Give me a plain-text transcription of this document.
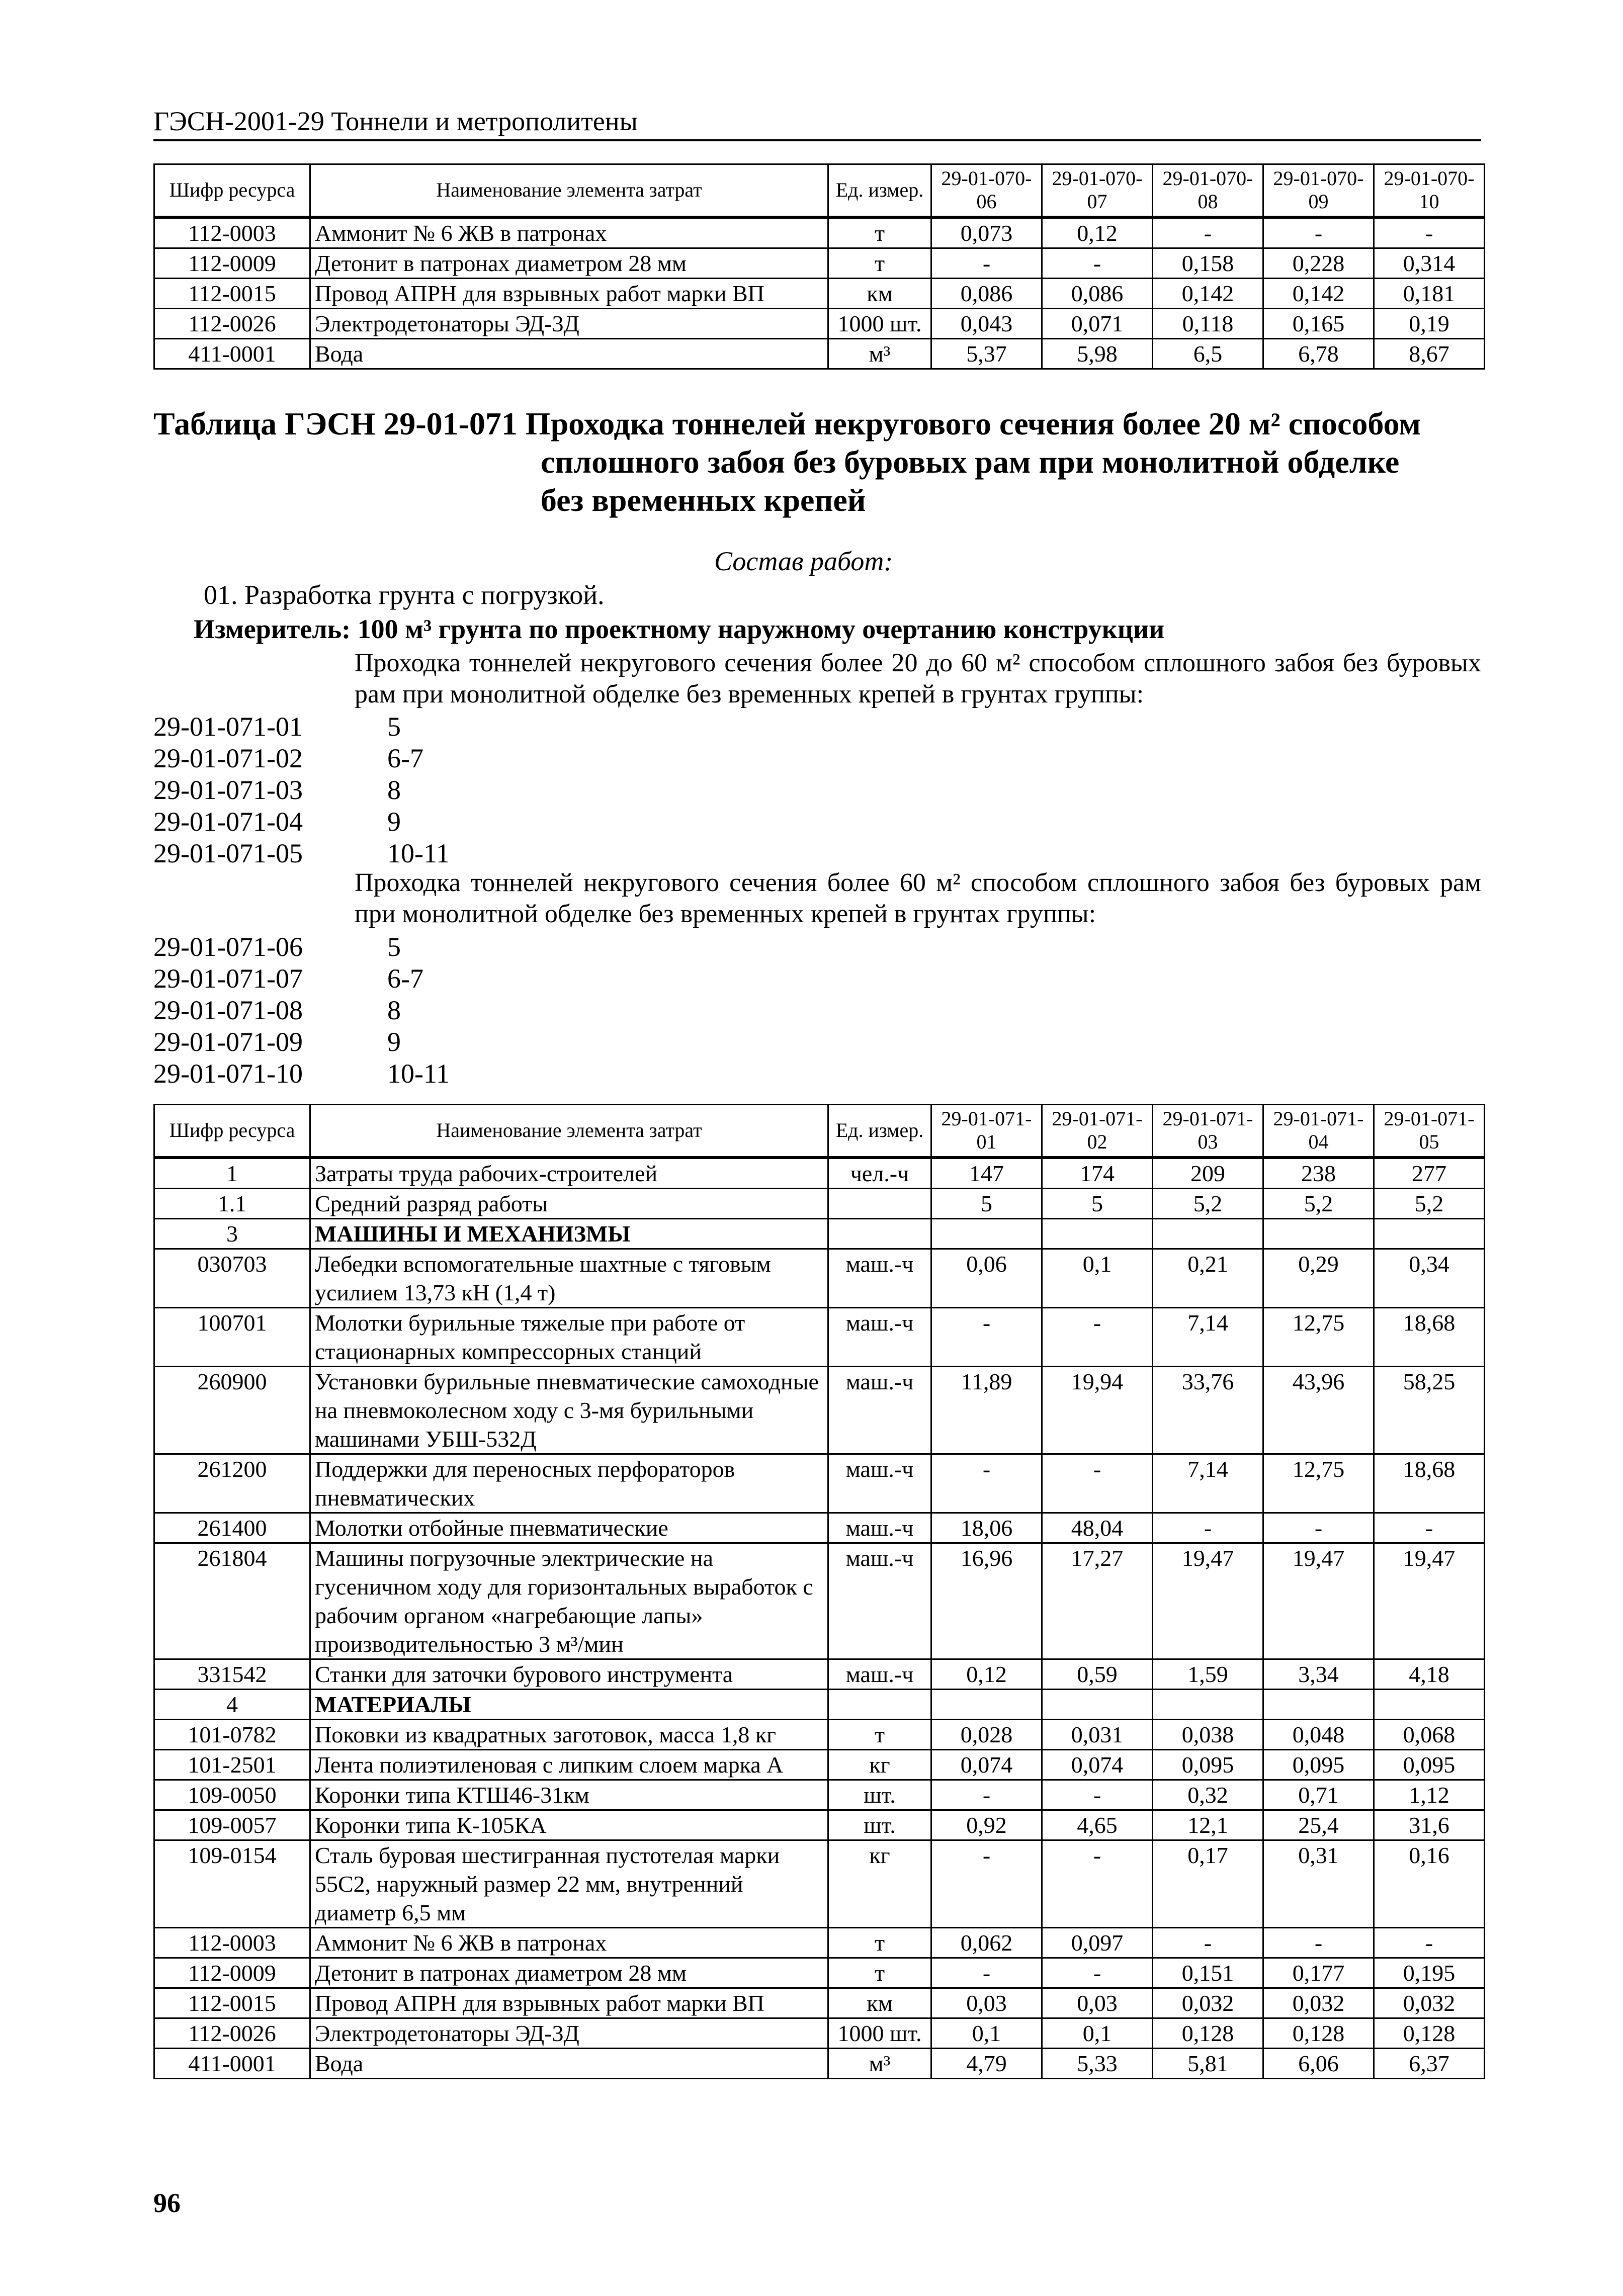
ГЭСН-2001-29 Тоннели и метрополитены
Шифр ресурса	Наименование элемента затрат	Ед. измер.	29-01-070-06	29-01-070-07	29-01-070-08	29-01-070-09	29-01-070-10
112-0003	Аммонит № 6 ЖВ в патронах	т	0,073	0,12	-	-	-
112-0009	Детонит в патронах диаметром 28 мм	т	-	-	0,158	0,228	0,314
112-0015	Провод АПРН для взрывных работ марки ВП	км	0,086	0,086	0,142	0,142	0,181
112-0026	Электродетонаторы ЭД-3Д	1000 шт.	0,043	0,071	0,118	0,165	0,19
411-0001	Вода	м³	5,37	5,98	6,5	6,78	8,67
Таблица ГЭСН 29-01-071 Проходка тоннелей некругового сечения более 20 м² способом
сплошного забоя без буровых рам при монолитной обделке
без временных крепей
Состав работ:
01. Разработка грунта с погрузкой.
Измеритель: 100 м³ грунта по проектному наружному очертанию конструкции
Проходка тоннелей некругового сечения более 20 до 60 м² способом сплошного забоя без буровых рам при монолитной обделке без временных крепей в грунтах группы:
29-01-071-01	5
29-01-071-02	6-7
29-01-071-03	8
29-01-071-04	9
29-01-071-05	10-11
Проходка тоннелей некругового сечения более 60 м² способом сплошного забоя без буровых рам при монолитной обделке без временных крепей в грунтах группы:
29-01-071-06	5
29-01-071-07	6-7
29-01-071-08	8
29-01-071-09	9
29-01-071-10	10-11
Шифр ресурса	Наименование элемента затрат	Ед. измер.	29-01-071-01	29-01-071-02	29-01-071-03	29-01-071-04	29-01-071-05
1	Затраты труда рабочих-строителей	чел.-ч	147	174	209	238	277
1.1	Средний разряд работы		5	5	5,2	5,2	5,2
3	МАШИНЫ И МЕХАНИЗМЫ						
030703	Лебедки вспомогательные шахтные с тяговым усилием 13,73 кН (1,4 т)	маш.-ч	0,06	0,1	0,21	0,29	0,34
100701	Молотки бурильные тяжелые при работе от стационарных компрессорных станций	маш.-ч	-	-	7,14	12,75	18,68
260900	Установки бурильные пневматические самоходные на пневмоколесном ходу с 3-мя бурильными машинами УБШ-532Д	маш.-ч	11,89	19,94	33,76	43,96	58,25
261200	Поддержки для переносных перфораторов пневматических	маш.-ч	-	-	7,14	12,75	18,68
261400	Молотки отбойные пневматические	маш.-ч	18,06	48,04	-	-	-
261804	Машины погрузочные электрические на гусеничном ходу для горизонтальных выработок с рабочим органом «нагребающие лапы» производительностью 3 м³/мин	маш.-ч	16,96	17,27	19,47	19,47	19,47
331542	Станки для заточки бурового инструмента	маш.-ч	0,12	0,59	1,59	3,34	4,18
4	МАТЕРИАЛЫ						
101-0782	Поковки из квадратных заготовок, масса 1,8 кг	т	0,028	0,031	0,038	0,048	0,068
101-2501	Лента полиэтиленовая с липким слоем марка А	кг	0,074	0,074	0,095	0,095	0,095
109-0050	Коронки типа КТШ46-31км	шт.	-	-	0,32	0,71	1,12
109-0057	Коронки типа К-105КА	шт.	0,92	4,65	12,1	25,4	31,6
109-0154	Сталь буровая шестигранная пустотелая марки 55С2, наружный размер 22 мм, внутренний диаметр 6,5 мм	кг	-	-	0,17	0,31	0,16
112-0003	Аммонит № 6 ЖВ в патронах	т	0,062	0,097	-	-	-
112-0009	Детонит в патронах диаметром 28 мм	т	-	-	0,151	0,177	0,195
112-0015	Провод АПРН для взрывных работ марки ВП	км	0,03	0,03	0,032	0,032	0,032
112-0026	Электродетонаторы ЭД-3Д	1000 шт.	0,1	0,1	0,128	0,128	0,128
411-0001	Вода	м³	4,79	5,33	5,81	6,06	6,37
96
